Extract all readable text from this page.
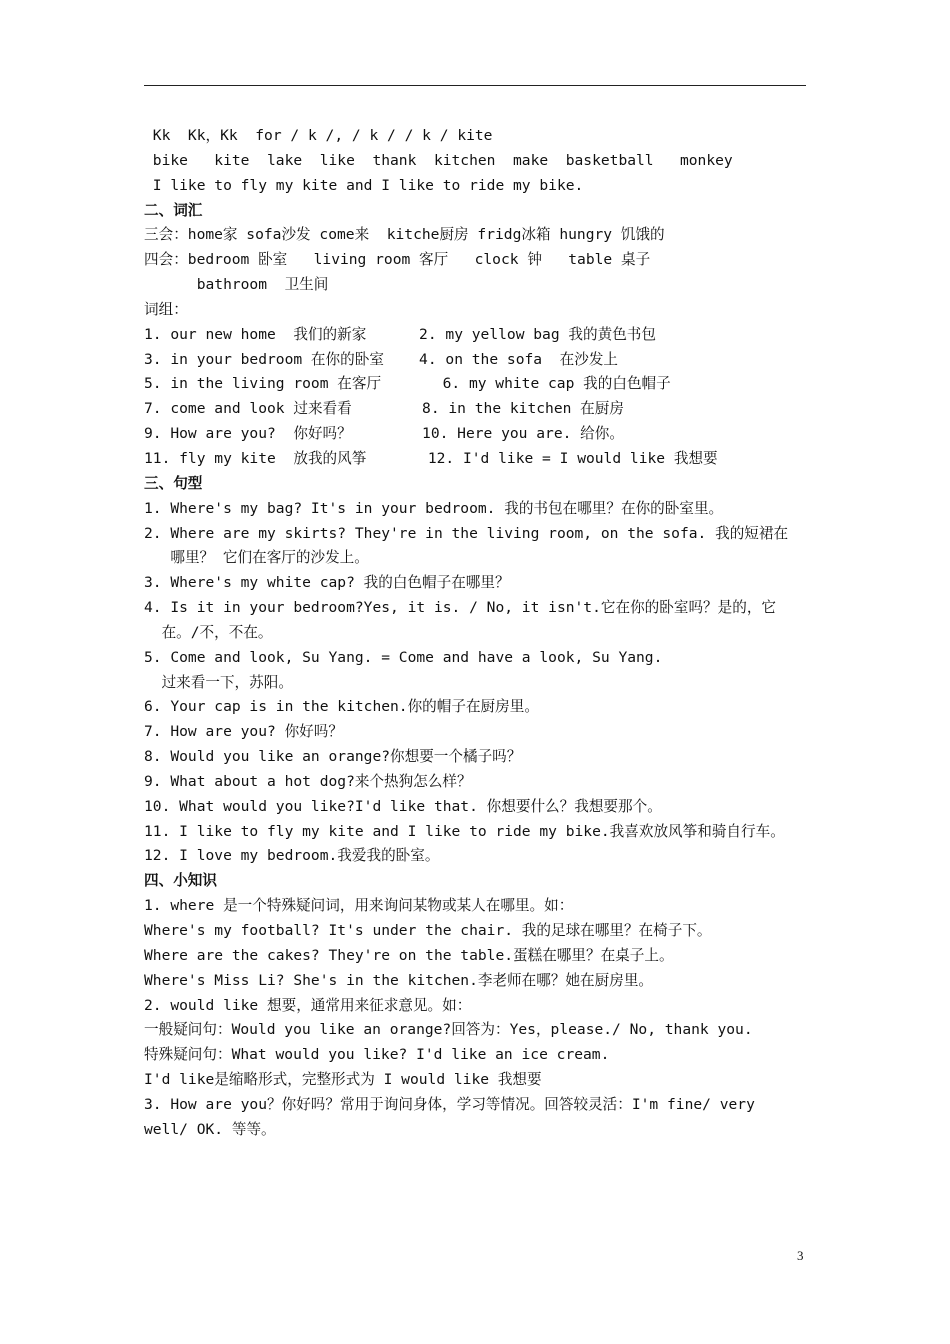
Kk  Kk，Kk  for / k /, / k / / k / kite
bike   kite  lake  like  thank  kitchen  make  basketball   monkey
I like to fly my kite and I like to ride my bike.
二、词汇
三会：home家 sofa沙发 come来  kitche厨房 fridg冰箱 hungry 饥饿的
四会：bedroom 卧室   living room 客厅   clock 钟   table 桌子
bathroom  卫生间
词组：
1. our new home  我们的新家      2. my yellow bag 我的黄色书包
3. in your bedroom 在你的卧室    4. on the sofa  在沙发上
5. in the living room 在客厅       6. my white cap 我的白色帽子
7. come and look 过来看看        8. in the kitchen 在厨房
9. How are you?  你好吗？        10. Here you are. 给你。
11. fly my kite  放我的风筝       12. I'd like = I would like 我想要
三、句型
1. Where's my bag? It's in your bedroom. 我的书包在哪里？在你的卧室里。
2. Where are my skirts? They're in the living room, on the sofa. 我的短裙在
哪里？ 它们在客厅的沙发上。
3. Where's my white cap? 我的白色帽子在哪里？
4. Is it in your bedroom?Yes, it is. / No, it isn't.它在你的卧室吗？是的，它
在。/不，不在。
5. Come and look, Su Yang. = Come and have a look, Su Yang.
过来看一下，苏阳。
6. Your cap is in the kitchen.你的帽子在厨房里。
7. How are you? 你好吗？
8. Would you like an orange?你想要一个橘子吗？
9. What about a hot dog?来个热狗怎么样？
10. What would you like?I'd like that. 你想要什么？我想要那个。
11. I like to fly my kite and I like to ride my bike.我喜欢放风筝和骑自行车。
12. I love my bedroom.我爱我的卧室。
四、小知识
1. where 是一个特殊疑问词，用来询问某物或某人在哪里。如：
Where's my football? It's under the chair. 我的足球在哪里？在椅子下。
Where are the cakes? They're on the table.蛋糕在哪里？在桌子上。
Where's Miss Li? She's in the kitchen.李老师在哪？她在厨房里。
2. would like 想要，通常用来征求意见。如：
一般疑问句：Would you like an orange?回答为：Yes，please./ No, thank you.
特殊疑问句：What would you like? I'd like an ice cream.
I'd like是缩略形式，完整形式为 I would like 我想要
3. How are you？你好吗？常用于询问身体，学习等情况。回答较灵活：I'm fine/ very
well/ OK. 等等。
3
